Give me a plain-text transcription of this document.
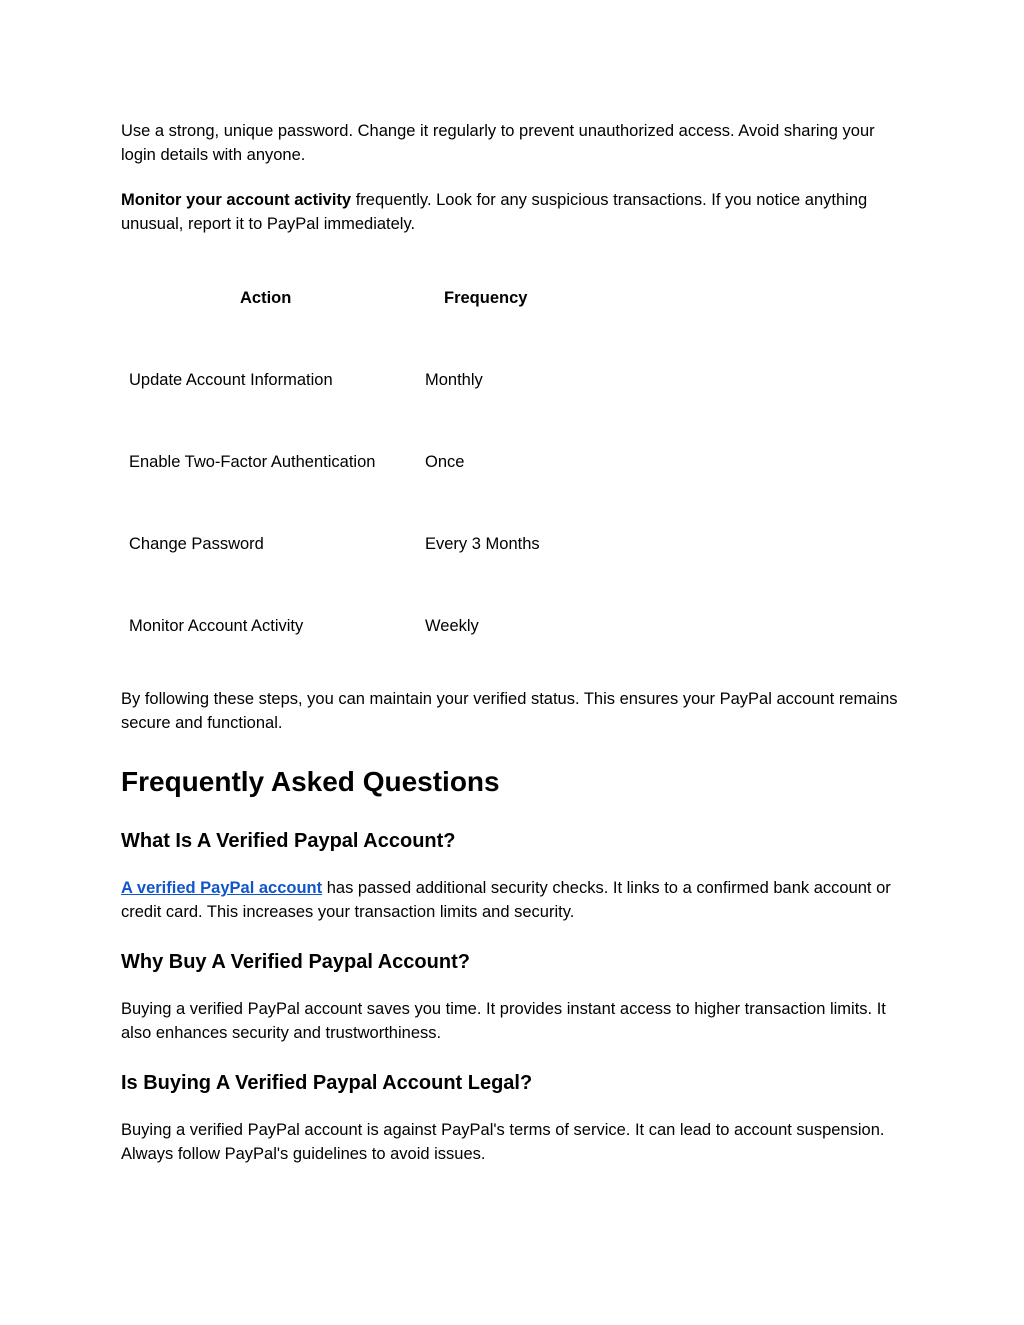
Use a strong, unique password. Change it regularly to prevent unauthorized access. Avoid sharing your login details with anyone.

Monitor your account activity frequently. Look for any suspicious transactions. If you notice anything unusual, report it to PayPal immediately.

Action	Frequency
Update Account Information	Monthly
Enable Two-Factor Authentication	Once
Change Password	Every 3 Months
Monitor Account Activity	Weekly

By following these steps, you can maintain your verified status. This ensures your PayPal account remains secure and functional.

Frequently Asked Questions
What Is A Verified Paypal Account?

A verified PayPal account has passed additional security checks. It links to a confirmed bank account or credit card. This increases your transaction limits and security.

Why Buy A Verified Paypal Account?

Buying a verified PayPal account saves you time. It provides instant access to higher transaction limits. It also enhances security and trustworthiness.

Is Buying A Verified Paypal Account Legal?

Buying a verified PayPal account is against PayPal's terms of service. It can lead to account suspension. Always follow PayPal's guidelines to avoid issues.
